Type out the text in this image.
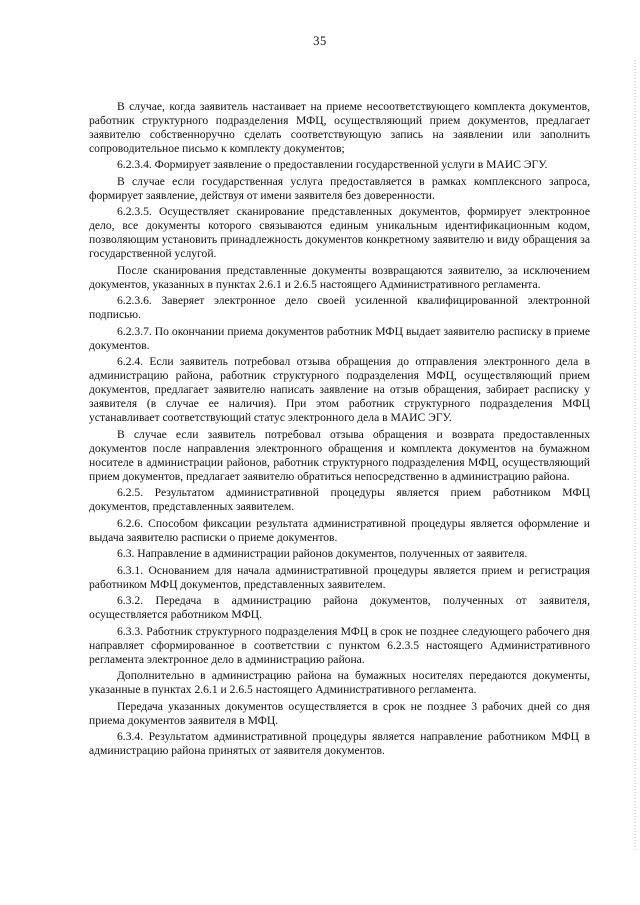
35

В случае, когда заявитель настаивает на приеме несоответствующего комплекта документов, работник структурного подразделения МФЦ, осуществляющий прием документов, предлагает заявителю собственноручно сделать соответствующую запись на заявлении или заполнить сопроводительное письмо к комплекту документов;

6.2.3.4. Формирует заявление о предоставлении государственной услуги в МАИС ЭГУ.

В случае если государственная услуга предоставляется в рамках комплексного запроса, формирует заявление, действуя от имени заявителя без доверенности.

6.2.3.5. Осуществляет сканирование представленных документов, формирует электронное дело, все документы которого связываются единым уникальным идентификационным кодом, позволяющим установить принадлежность документов конкретному заявителю и виду обращения за государственной услугой.

После сканирования представленные документы возвращаются заявителю, за исключением документов, указанных в пунктах 2.6.1 и 2.6.5 настоящего Административного регламента.

6.2.3.6. Заверяет электронное дело своей усиленной квалифицированной электронной подписью.

6.2.3.7. По окончании приема документов работник МФЦ выдает заявителю расписку в приеме документов.

6.2.4. Если заявитель потребовал отзыва обращения до отправления электронного дела в администрацию района, работник структурного подразделения МФЦ, осуществляющий прием документов, предлагает заявителю написать заявление на отзыв обращения, забирает расписку у заявителя (в случае ее наличия). При этом работник структурного подразделения МФЦ устанавливает соответствующий статус электронного дела в МАИС ЭГУ.

В случае если заявитель потребовал отзыва обращения и возврата предоставленных документов после направления электронного обращения и комплекта документов на бумажном носителе в администрации районов, работник структурного подразделения МФЦ, осуществляющий прием документов, предлагает заявителю обратиться непосредственно в администрацию района.

6.2.5. Результатом административной процедуры является прием работником МФЦ документов, представленных заявителем.

6.2.6. Способом фиксации результата административной процедуры является оформление и выдача заявителю расписки о приеме документов.

6.3. Направление в администрации районов документов, полученных от заявителя.

6.3.1. Основанием для начала административной процедуры является прием и регистрация работником МФЦ документов, представленных заявителем.

6.3.2. Передача в администрацию района документов, полученных от заявителя, осуществляется работником МФЦ.

6.3.3. Работник структурного подразделения МФЦ в срок не позднее следующего рабочего дня направляет сформированное в соответствии с пунктом 6.2.3.5 настоящего Административного регламента электронное дело в администрацию района.

Дополнительно в администрацию района на бумажных носителях передаются документы, указанные в пунктах 2.6.1 и 2.6.5 настоящего Административного регламента.

Передача указанных документов осуществляется в срок не позднее 3 рабочих дней со дня приема документов заявителя в МФЦ.

6.3.4. Результатом административной процедуры является направление работником МФЦ в администрацию района принятых от заявителя документов.
